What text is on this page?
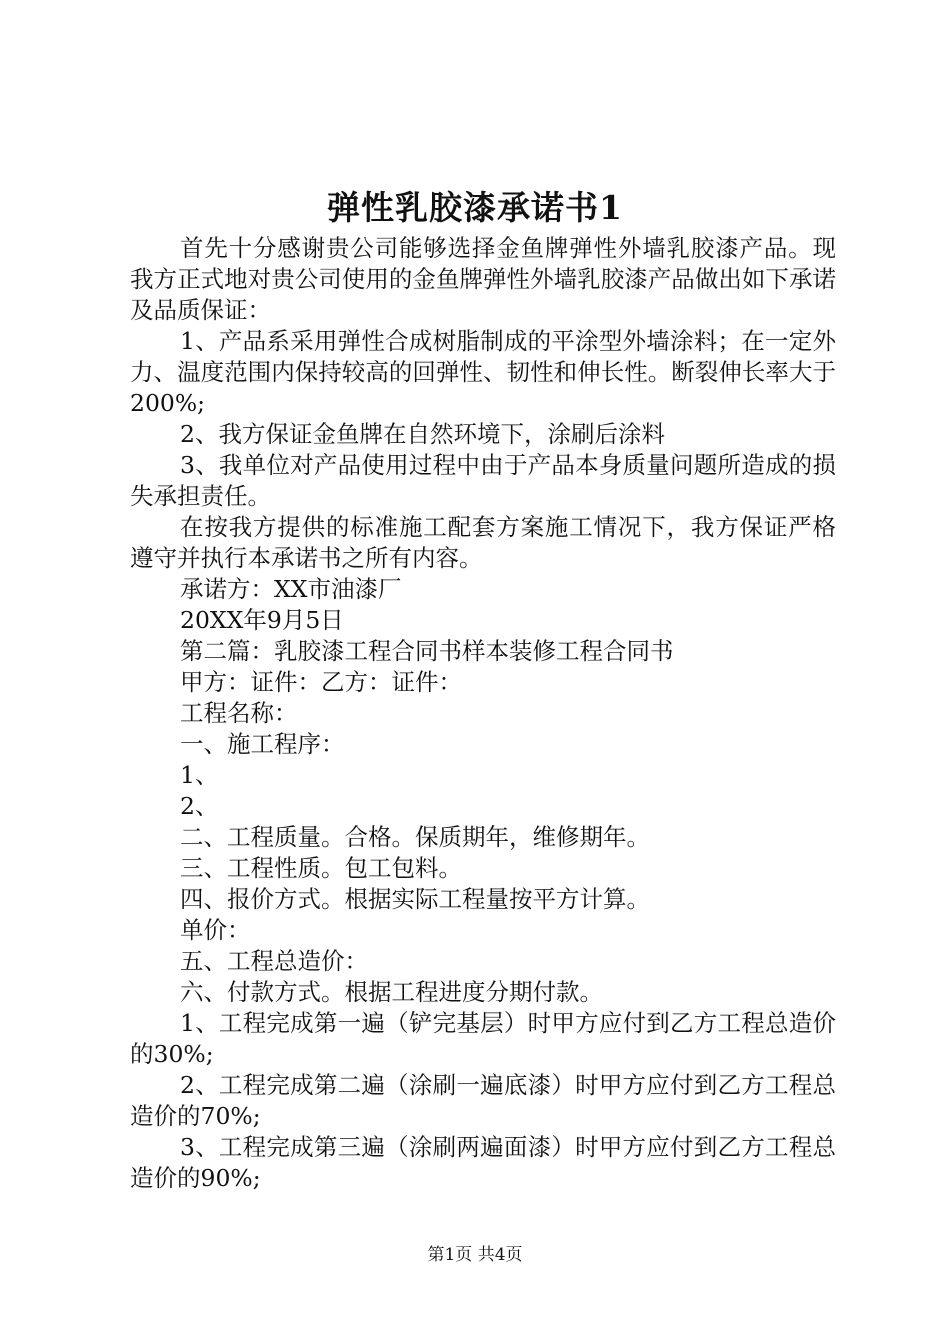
弹性乳胶漆承诺书1

首先十分感谢贵公司能够选择金鱼牌弹性外墙乳胶漆产品。现我方正式地对贵公司使用的金鱼牌弹性外墙乳胶漆产品做出如下承诺及品质保证：

1、产品系采用弹性合成树脂制成的平涂型外墙涂料；在一定外力、温度范围内保持较高的回弹性、韧性和伸长性。断裂伸长率大于200%;

2、我方保证金鱼牌在自然环境下，涂刷后涂料

3、我单位对产品使用过程中由于产品本身质量问题所造成的损失承担责任。

在按我方提供的标准施工配套方案施工情况下，我方保证严格遵守并执行本承诺书之所有内容。

承诺方：XX市油漆厂

20XX年9月5日

第二篇：乳胶漆工程合同书样本装修工程合同书

甲方：证件：乙方：证件：

工程名称：

一、施工程序：

1、

2、

二、工程质量。合格。保质期年，维修期年。

三、工程性质。包工包料。

四、报价方式。根据实际工程量按平方计算。

单价：

五、工程总造价：

六、付款方式。根据工程进度分期付款。

1、工程完成第一遍（铲完基层）时甲方应付到乙方工程总造价的30%;

2、工程完成第二遍（涂刷一遍底漆）时甲方应付到乙方工程总造价的70%;

3、工程完成第三遍（涂刷两遍面漆）时甲方应付到乙方工程总造价的90%;

第1页 共4页
